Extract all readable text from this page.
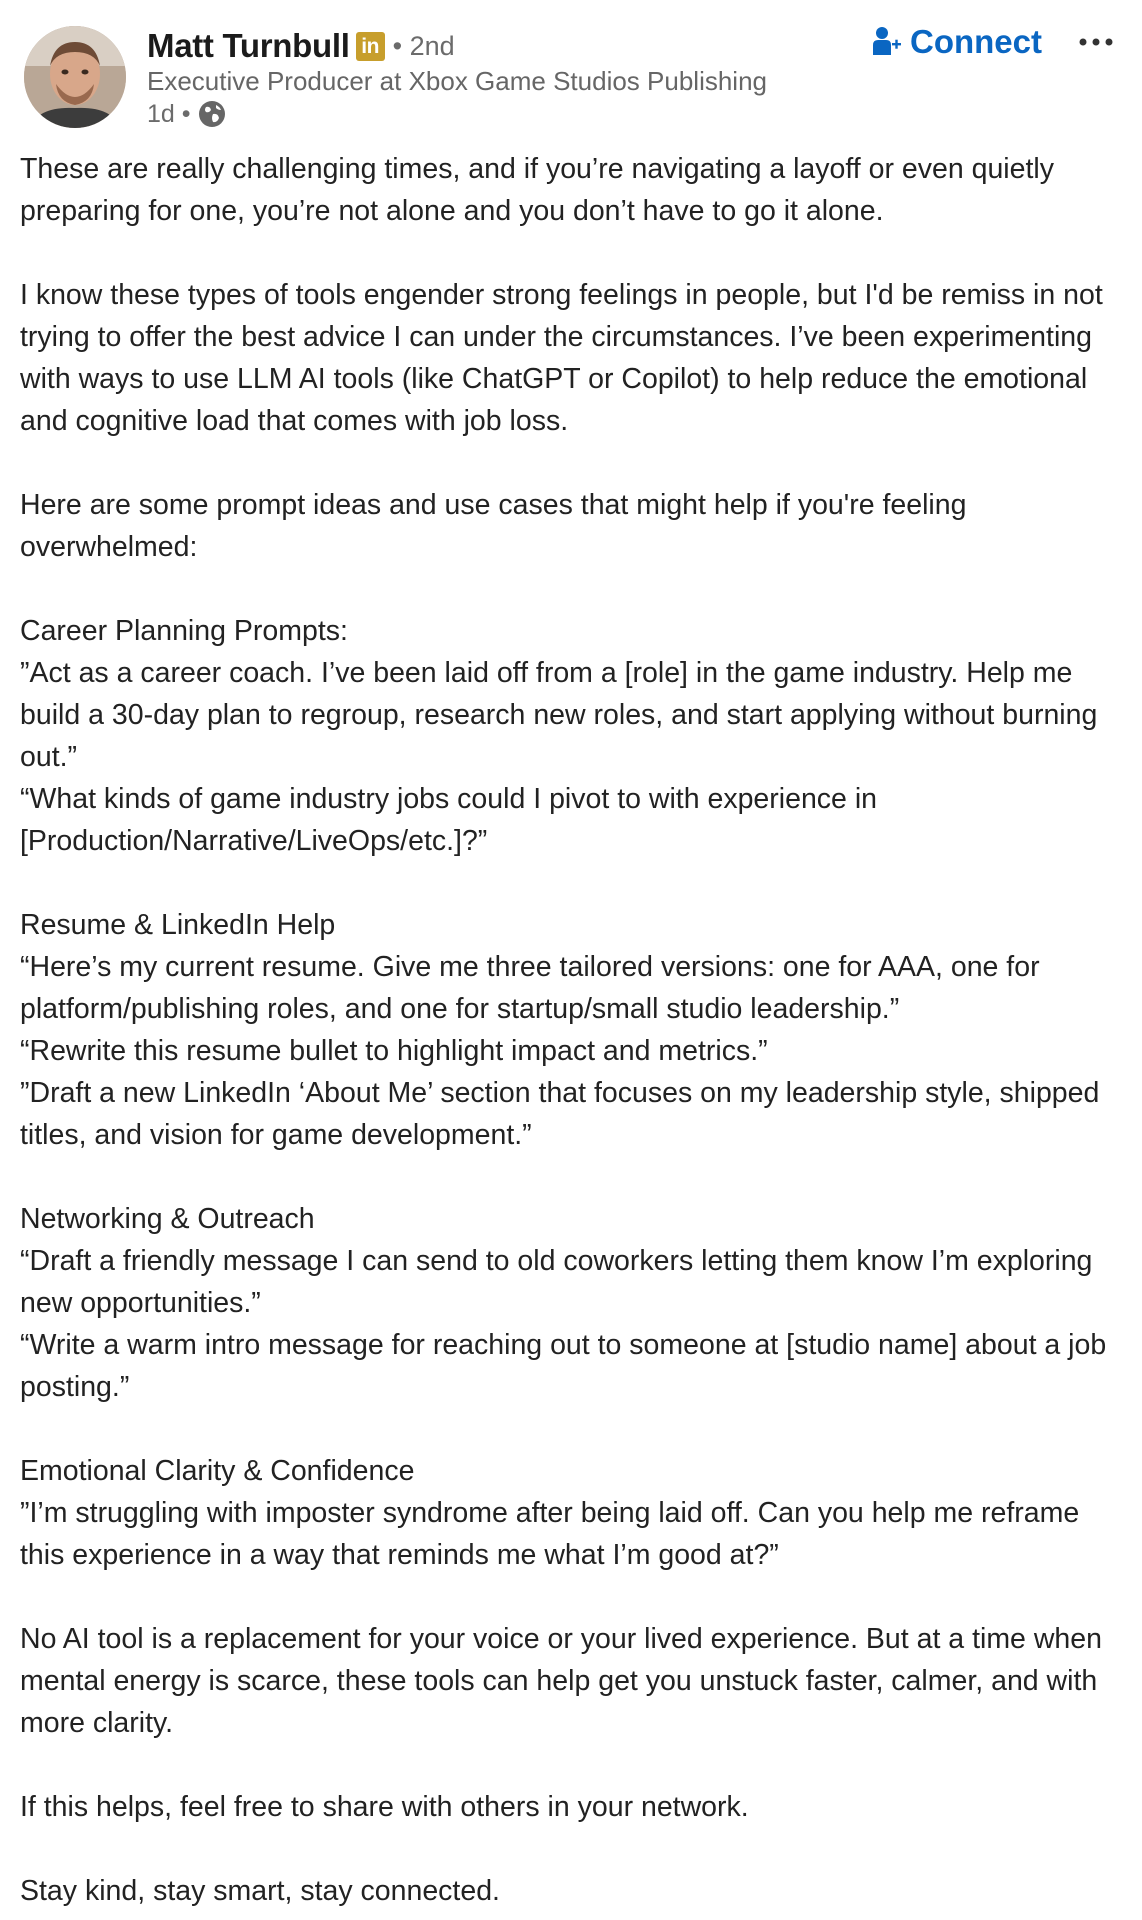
Matt Turnbull in • 2nd
Executive Producer at Xbox Game Studios Publishing
1d •
Connect

These are really challenging times, and if you’re navigating a layoff or even quietly preparing for one, you’re not alone and you don’t have to go it alone.

I know these types of tools engender strong feelings in people, but I'd be remiss in not trying to offer the best advice I can under the circumstances. I’ve been experimenting with ways to use LLM AI tools (like ChatGPT or Copilot) to help reduce the emotional and cognitive load that comes with job loss.

Here are some prompt ideas and use cases that might help if you're feeling overwhelmed:

Career Planning Prompts:
”Act as a career coach. I’ve been laid off from a [role] in the game industry. Help me build a 30-day plan to regroup, research new roles, and start applying without burning out.”
“What kinds of game industry jobs could I pivot to with experience in [Production/Narrative/LiveOps/etc.]?”

Resume & LinkedIn Help
“Here’s my current resume. Give me three tailored versions: one for AAA, one for platform/publishing roles, and one for startup/small studio leadership.”
“Rewrite this resume bullet to highlight impact and metrics.”
”Draft a new LinkedIn ‘About Me’ section that focuses on my leadership style, shipped titles, and vision for game development.”

Networking & Outreach
“Draft a friendly message I can send to old coworkers letting them know I’m exploring new opportunities.”
“Write a warm intro message for reaching out to someone at [studio name] about a job posting.”

Emotional Clarity & Confidence
”I’m struggling with imposter syndrome after being laid off. Can you help me reframe this experience in a way that reminds me what I’m good at?”

No AI tool is a replacement for your voice or your lived experience. But at a time when mental energy is scarce, these tools can help get you unstuck faster, calmer, and with more clarity.

If this helps, feel free to share with others in your network.

Stay kind, stay smart, stay connected.
